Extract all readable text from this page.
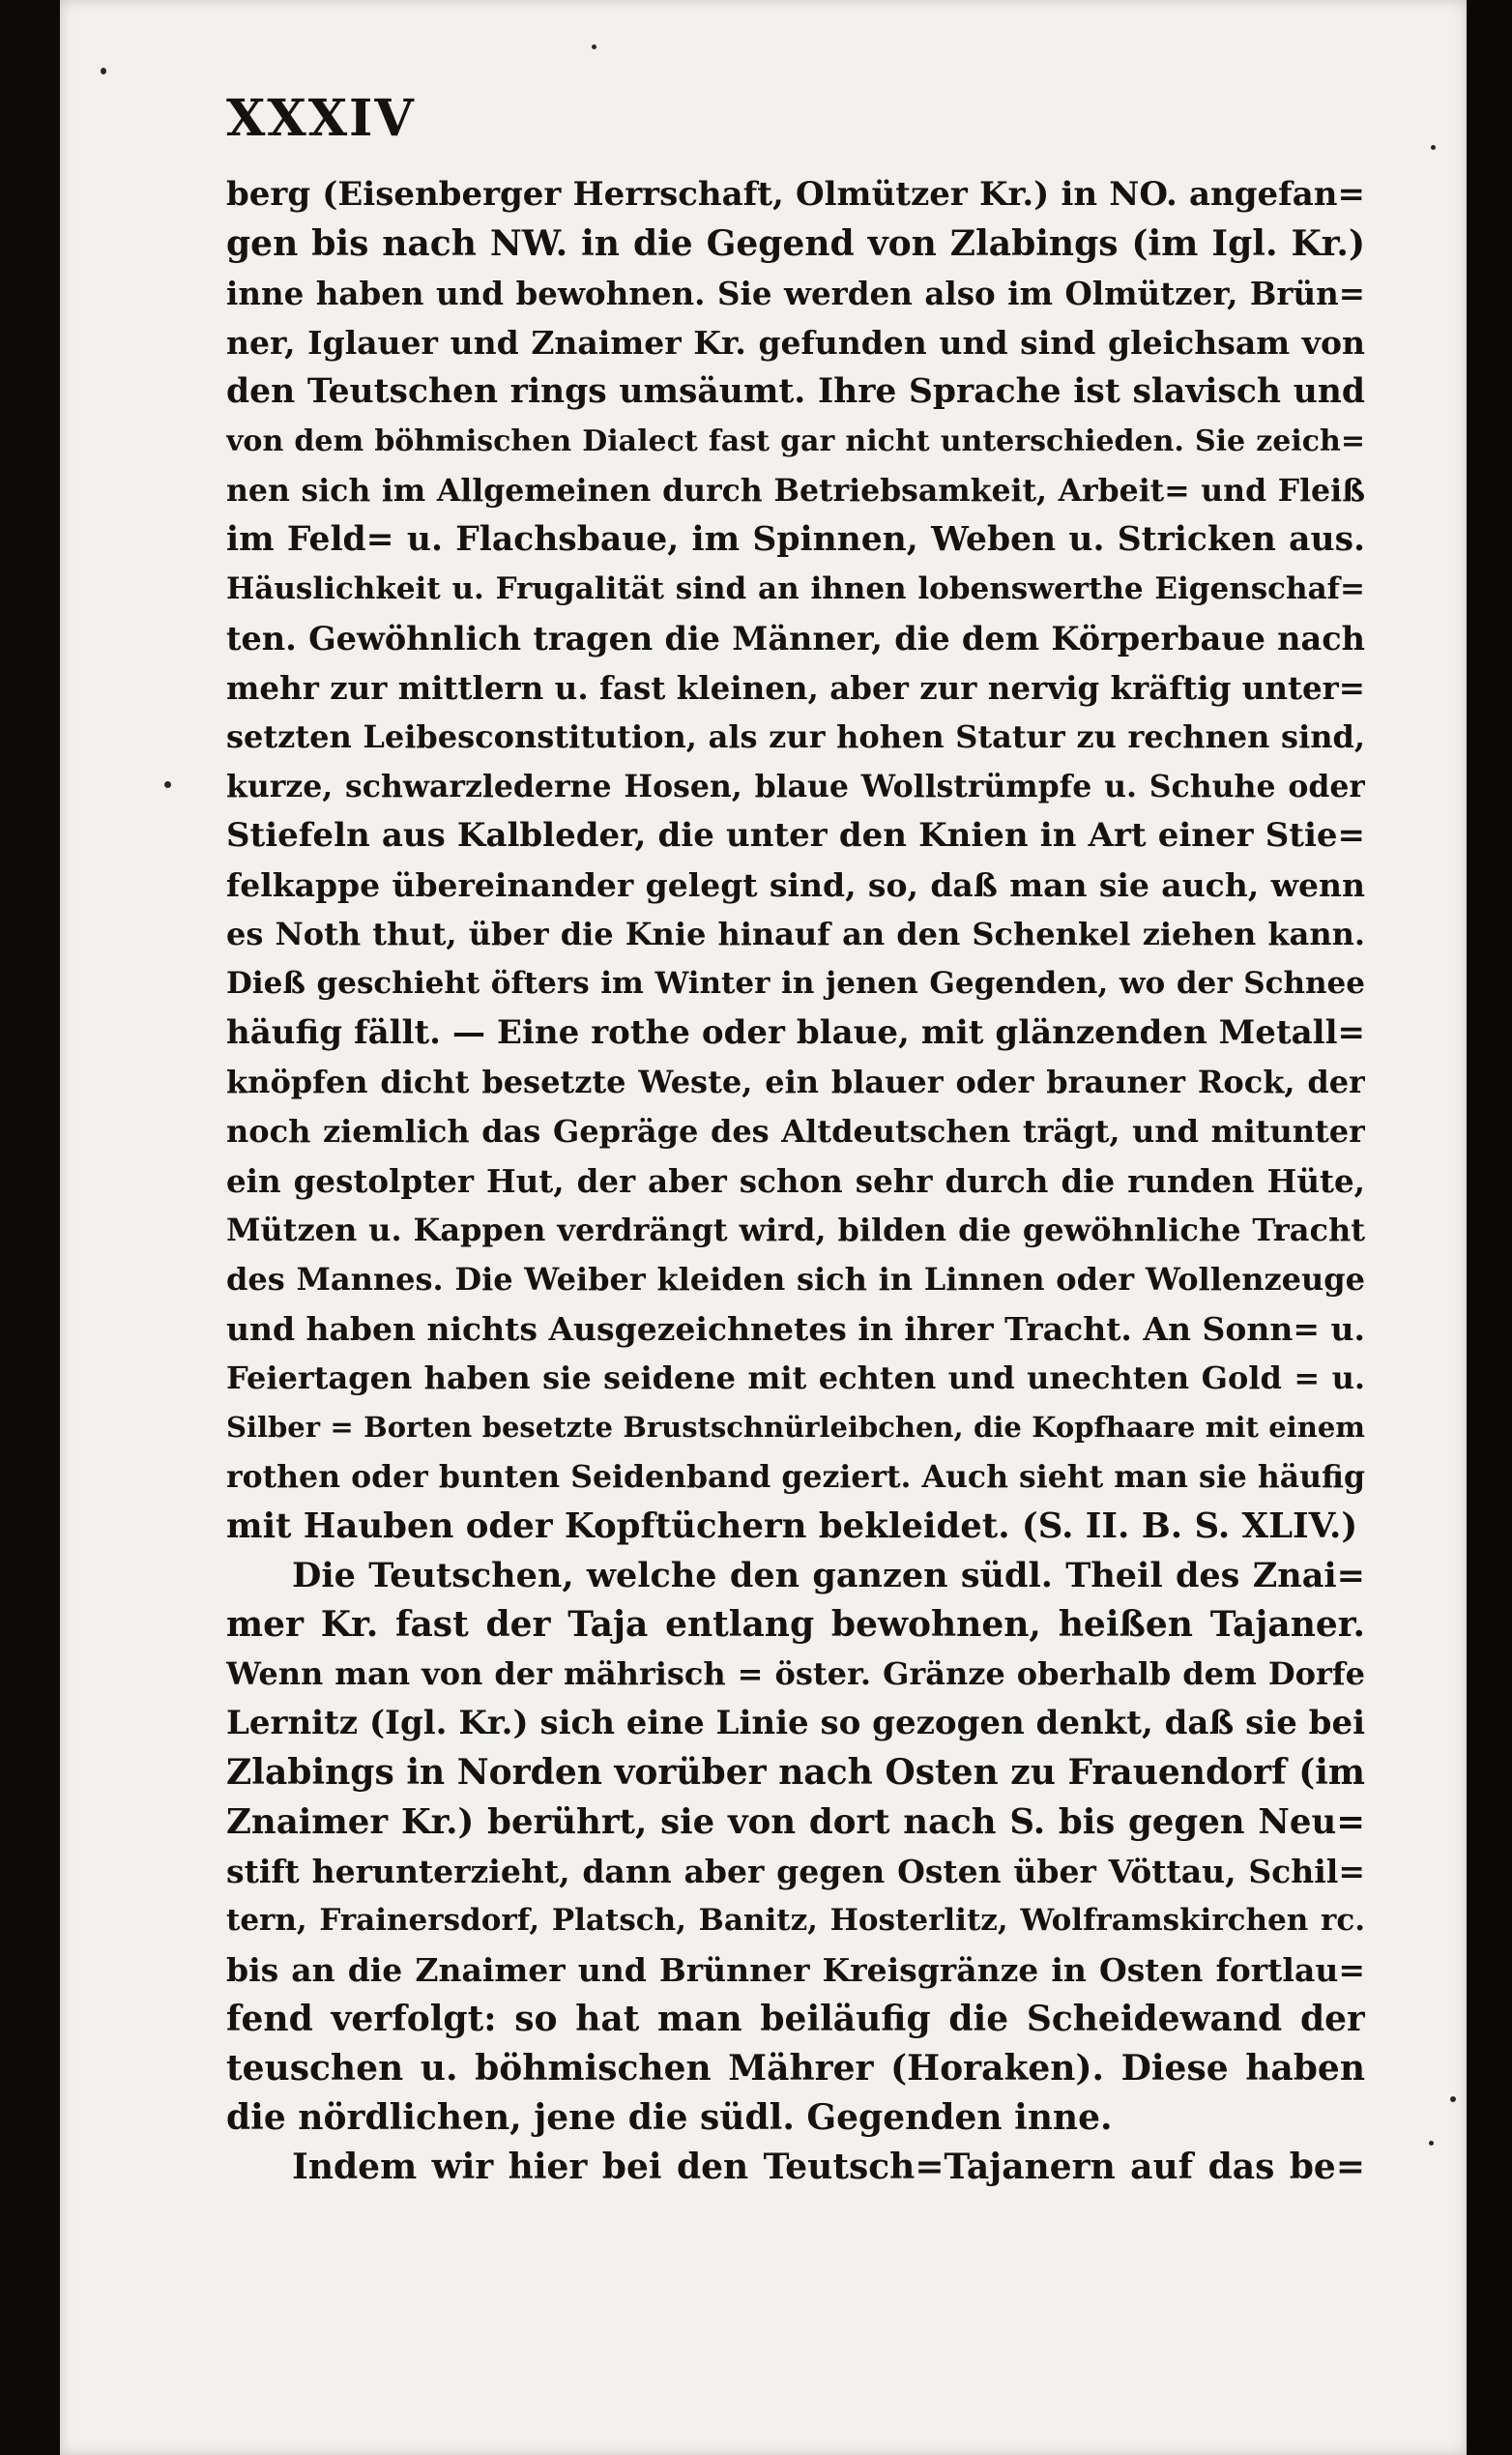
XXXIV
berg (Eisenberger Herrschaft, Olmützer Kr.) in NO. angefan=
gen bis nach NW. in die Gegend von Zlabings (im Igl. Kr.)
inne haben und bewohnen. Sie werden also im Olmützer, Brün=
ner, Iglauer und Znaimer Kr. gefunden und sind gleichsam von
den Teutschen rings umsäumt. Ihre Sprache ist slavisch und
von dem böhmischen Dialect fast gar nicht unterschieden. Sie zeich=
nen sich im Allgemeinen durch Betriebsamkeit, Arbeit= und Fleiß
im Feld= u. Flachsbaue, im Spinnen, Weben u. Stricken aus.
Häuslichkeit u. Frugalität sind an ihnen lobenswerthe Eigenschaf=
ten. Gewöhnlich tragen die Männer, die dem Körperbaue nach
mehr zur mittlern u. fast kleinen, aber zur nervig kräftig unter=
setzten Leibesconstitution, als zur hohen Statur zu rechnen sind,
kurze, schwarzlederne Hosen, blaue Wollstrümpfe u. Schuhe oder
Stiefeln aus Kalbleder, die unter den Knien in Art einer Stie=
felkappe übereinander gelegt sind, so, daß man sie auch, wenn
es Noth thut, über die Knie hinauf an den Schenkel ziehen kann.
Dieß geschieht öfters im Winter in jenen Gegenden, wo der Schnee
häufig fällt. — Eine rothe oder blaue, mit glänzenden Metall=
knöpfen dicht besetzte Weste, ein blauer oder brauner Rock, der
noch ziemlich das Gepräge des Altdeutschen trägt, und mitunter
ein gestolpter Hut, der aber schon sehr durch die runden Hüte,
Mützen u. Kappen verdrängt wird, bilden die gewöhnliche Tracht
des Mannes. Die Weiber kleiden sich in Linnen oder Wollenzeuge
und haben nichts Ausgezeichnetes in ihrer Tracht. An Sonn= u.
Feiertagen haben sie seidene mit echten und unechten Gold = u.
Silber = Borten besetzte Brustschnürleibchen, die Kopfhaare mit einem
rothen oder bunten Seidenband geziert. Auch sieht man sie häufig
mit Hauben oder Kopftüchern bekleidet. (S. II. B. S. XLIV.)
Die Teutschen, welche den ganzen südl. Theil des Znai=
mer Kr. fast der Taja entlang bewohnen, heißen Tajaner.
Wenn man von der mährisch = öster. Gränze oberhalb dem Dorfe
Lernitz (Igl. Kr.) sich eine Linie so gezogen denkt, daß sie bei
Zlabings in Norden vorüber nach Osten zu Frauendorf (im
Znaimer Kr.) berührt, sie von dort nach S. bis gegen Neu=
stift herunterzieht, dann aber gegen Osten über Vöttau, Schil=
tern, Frainersdorf, Platsch, Banitz, Hosterlitz, Wolframskirchen rc.
bis an die Znaimer und Brünner Kreisgränze in Osten fortlau=
fend verfolgt: so hat man beiläufig die Scheidewand der
teuschen u. böhmischen Mährer (Horaken). Diese haben
die nördlichen, jene die südl. Gegenden inne.
Indem wir hier bei den Teutsch=Tajanern auf das be=
